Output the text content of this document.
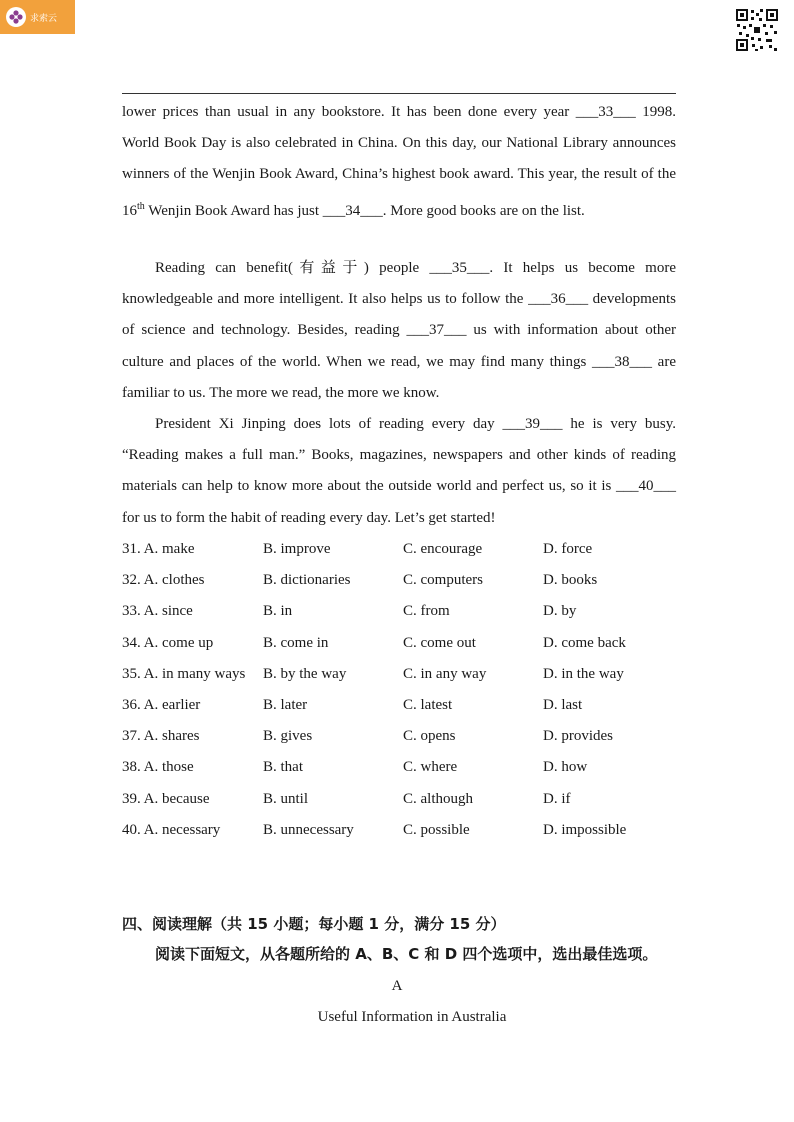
求索云

lower prices than usual in any bookstore. It has been done every year ___33___ 1998. World Book Day is also celebrated in China. On this day, our National Library announces winners of the Wenjin Book Award, China’s highest book award. This year, the result of the 16th Wenjin Book Award has just ___34___. More good books are on the list.

Reading can benefit(有益于) people ___35___. It helps us become more knowledgeable and more intelligent. It also helps us to follow the ___36___ developments of science and technology. Besides, reading ___37___ us with information about other culture and places of the world. When we read, we may find many things ___38___ are familiar to us. The more we read, the more we know.

President Xi Jinping does lots of reading every day ___39___ he is very busy. “Reading makes a full man.” Books, magazines, newspapers and other kinds of reading materials can help to know more about the outside world and perfect us, so it is ___40___ for us to form the habit of reading every day. Let’s get started!

31. A. make	B. improve	C. encourage	D. force
32. A. clothes	B. dictionaries	C. computers	D. books
33. A. since	B. in	C. from	D. by
34. A. come up	B. come in	C. come out	D. come back
35. A. in many ways	B. by the way	C. in any way	D. in the way
36. A. earlier	B. later	C. latest	D. last
37. A. shares	B. gives	C. opens	D. provides
38. A. those	B. that	C. where	D. how
39. A. because	B. until	C. although	D. if
40. A. necessary	B. unnecessary	C. possible	D. impossible
四、阅读理解（共 15 小题；每小题 1 分，满分 15 分）
阅读下面短文，从各题所给的 A、B、C 和 D 四个选项中，选出最佳选项。
A
Useful Information in Australia
